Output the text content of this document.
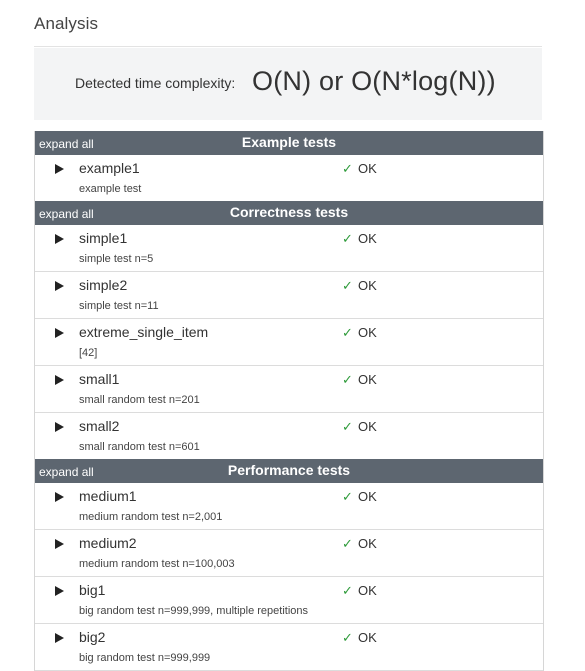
Analysis
Detected time complexity: O(N) or O(N*log(N))
expand all	Example tests
example1
example test
✓ OK
expand all	Correctness tests
simple1
simple test n=5
✓ OK
simple2
simple test n=11
✓ OK
extreme_single_item
[42]
✓ OK
small1
small random test n=201
✓ OK
small2
small random test n=601
✓ OK
expand all	Performance tests
medium1
medium random test n=2,001
✓ OK
medium2
medium random test n=100,003
✓ OK
big1
big random test n=999,999, multiple repetitions
✓ OK
big2
big random test n=999,999
✓ OK
